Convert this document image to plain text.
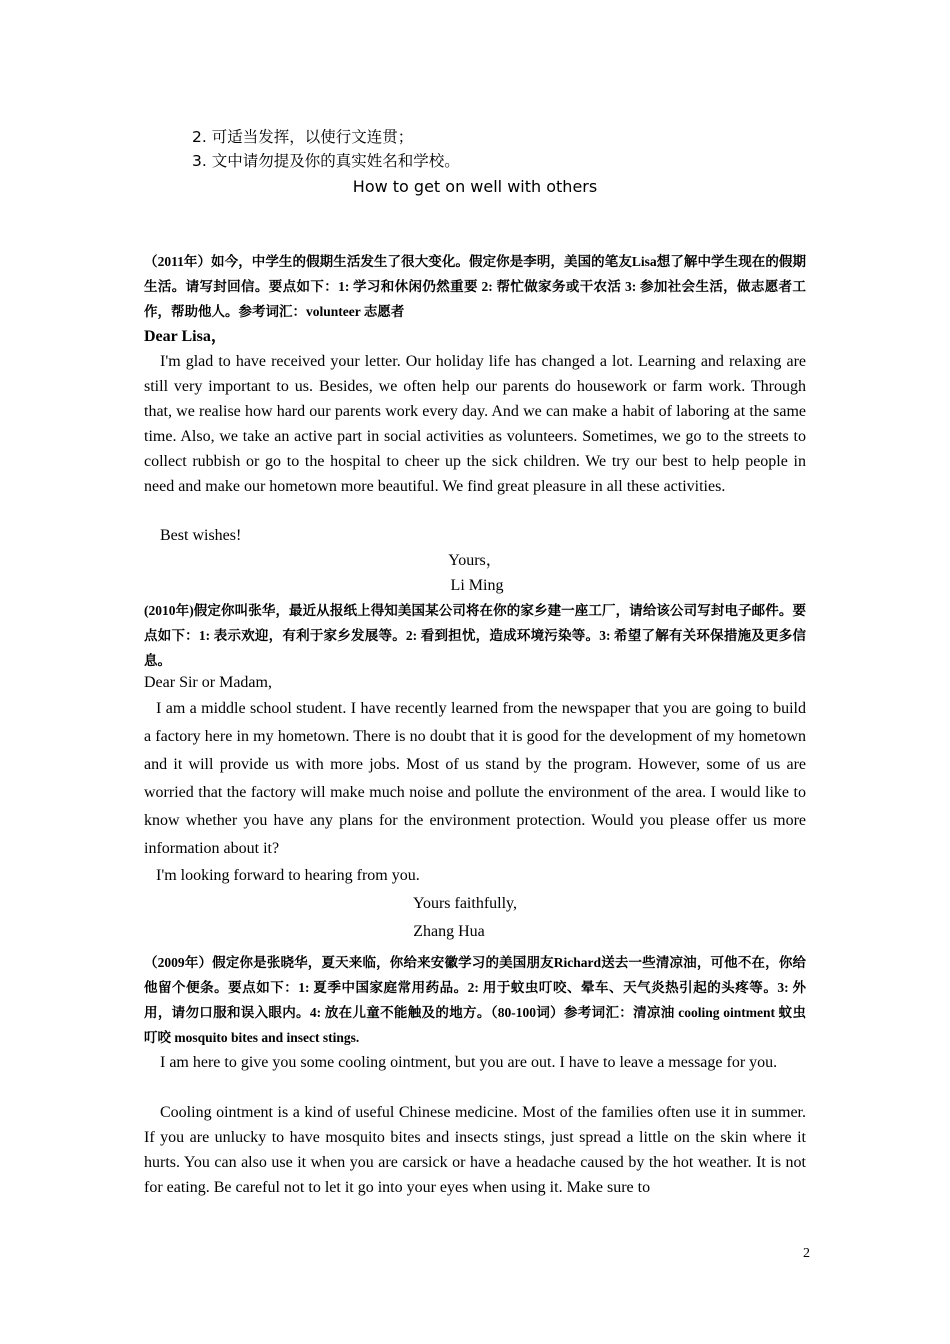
2. 可适当发挥，以使行文连贯；
3. 文中请勿提及你的真实姓名和学校。
How to get on well with others
（2011年）如今，中学生的假期生活发生了很大变化。假定你是李明，美国的笔友Lisa想了解中学生现在的假期生活。请写封回信。要点如下：1: 学习和休闲仍然重要 2: 帮忙做家务或干农活 3: 参加社会生活，做志愿者工作，帮助他人。参考词汇：volunteer 志愿者
Dear Lisa，
I'm glad to have received your letter. Our holiday life has changed a lot. Learning and relaxing are still very important to us. Besides, we often help our parents do housework or farm work. Through that, we realise how hard our parents work every day. And we can make a habit of laboring at the same time. Also, we take an active part in social activities as volunteers. Sometimes, we go to the streets to collect rubbish or go to the hospital to cheer up the sick children. We try our best to help people in need and make our hometown more beautiful. We find great pleasure in all these activities.
Best wishes!
Yours，
Li Ming
(2010年)假定你叫张华，最近从报纸上得知美国某公司将在你的家乡建一座工厂，请给该公司写封电子邮件。要点如下：1: 表示欢迎，有利于家乡发展等。2: 看到担忧，造成环境污染等。3: 希望了解有关环保措施及更多信息。
Dear Sir or Madam,
I am a middle school student. I have recently learned from the newspaper that you are going to build a factory here in my hometown. There is no doubt that it is good for the development of my hometown and it will provide us with more jobs. Most of us stand by the program. However, some of us are worried that the factory will make much noise and pollute the environment of the area. I would like to know whether you have any plans for the environment protection. Would you please offer us more information about it?
I'm looking forward to hearing from you.
Yours faithfully,
Zhang Hua
（2009年）假定你是张晓华，夏天来临，你给来安徽学习的美国朋友Richard送去一些清凉油，可他不在，你给他留个便条。要点如下：1: 夏季中国家庭常用药品。2: 用于蚊虫叮咬、晕车、天气炎热引起的头疼等。3: 外用，请勿口服和误入眼内。4: 放在儿童不能触及的地方。（80-100词）参考词汇：清凉油 cooling ointment 蚊虫叮咬 mosquito bites and insect stings.
I am here to give you some cooling ointment, but you are out. I have to leave a message for you.
Cooling ointment is a kind of useful Chinese medicine. Most of the families often use it in summer. If you are unlucky to have mosquito bites and insects stings, just spread a little on the skin where it hurts. You can also use it when you are carsick or have a headache caused by the hot weather. It is not for eating. Be careful not to let it go into your eyes when using it. Make sure to
2
